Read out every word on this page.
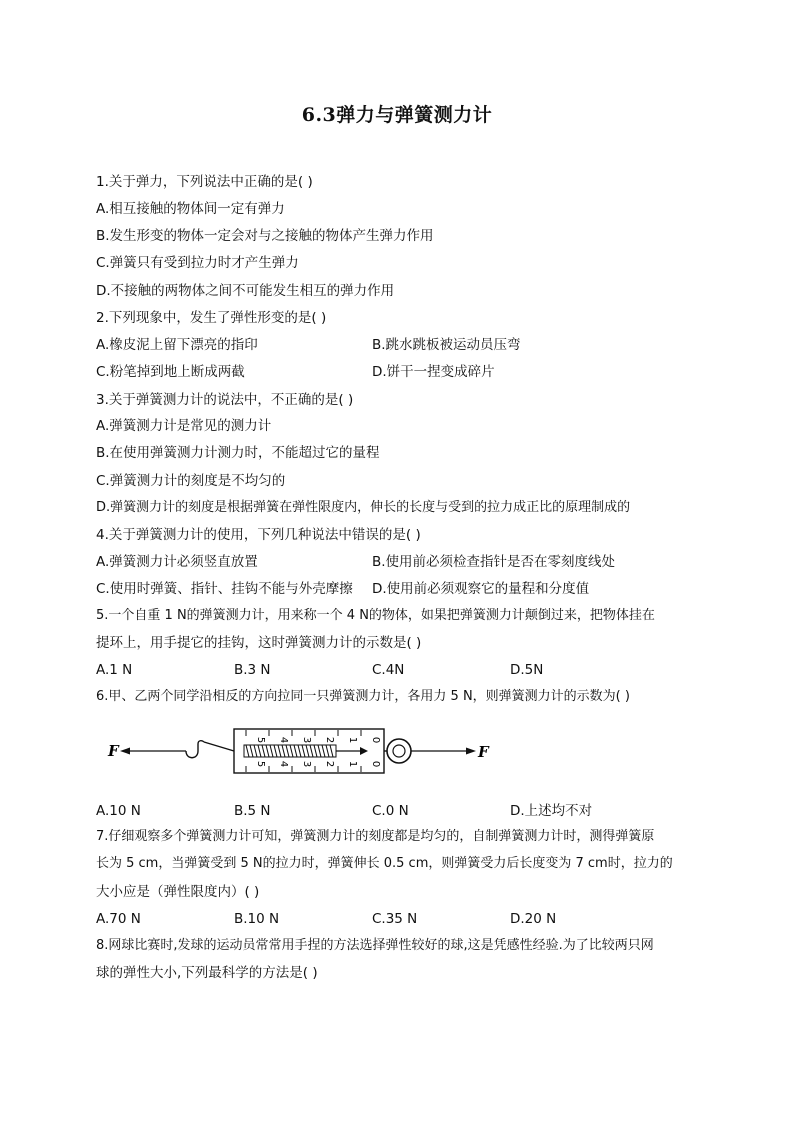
6.3弹力与弹簧测力计
1.关于弹力，下列说法中正确的是( )
A.相互接触的物体间一定有弹力
B.发生形变的物体一定会对与之接触的物体产生弹力作用
C.弹簧只有受到拉力时才产生弹力
D.不接触的两物体之间不可能发生相互的弹力作用
2.下列现象中，发生了弹性形变的是( )
A.橡皮泥上留下漂亮的指印	B.跳水跳板被运动员压弯
C.粉笔掉到地上断成两截	D.饼干一捏变成碎片
3.关于弹簧测力计的说法中，不正确的是( )
A.弹簧测力计是常见的测力计
B.在使用弹簧测力计测力时，不能超过它的量程
C.弹簧测力计的刻度是不均匀的
D.弹簧测力计的刻度是根据弹簧在弹性限度内，伸长的长度与受到的拉力成正比的原理制成的
4.关于弹簧测力计的使用，下列几种说法中错误的是( )
A.弹簧测力计必须竖直放置	B.使用前必须检查指针是否在零刻度线处
C.使用时弹簧、指针、挂钩不能与外壳摩擦 D.使用前必须观察它的量程和分度值
5.一个自重 1 N的弹簧测力计，用来称一个 4 N的物体，如果把弹簧测力计颠倒过来，把物体挂在
提环上，用手提它的挂钩，这时弹簧测力计的示数是( )
A.1 N	B.3 N	C.4N	D.5N
6.甲、乙两个同学沿相反的方向拉同一只弹簧测力计，各用力 5 N，则弹簧测力计的示数为( )
F
0
1
2
3
4
5
0
1
2
3
4
5
F
A.10 N	B.5 N	C.0 N	D.上述均不对
7.仔细观察多个弹簧测力计可知，弹簧测力计的刻度都是均匀的，自制弹簧测力计时，测得弹簧原
长为 5 cm，当弹簧受到 5 N的拉力时，弹簧伸长 0.5 cm，则弹簧受力后长度变为 7 cm时，拉力的
大小应是（弹性限度内）( )
A.70 N	B.10 N	C.35 N	D.20 N
8.网球比赛时,发球的运动员常常用手捏的方法选择弹性较好的球,这是凭感性经验.为了比较两只网
球的弹性大小,下列最科学的方法是( )
